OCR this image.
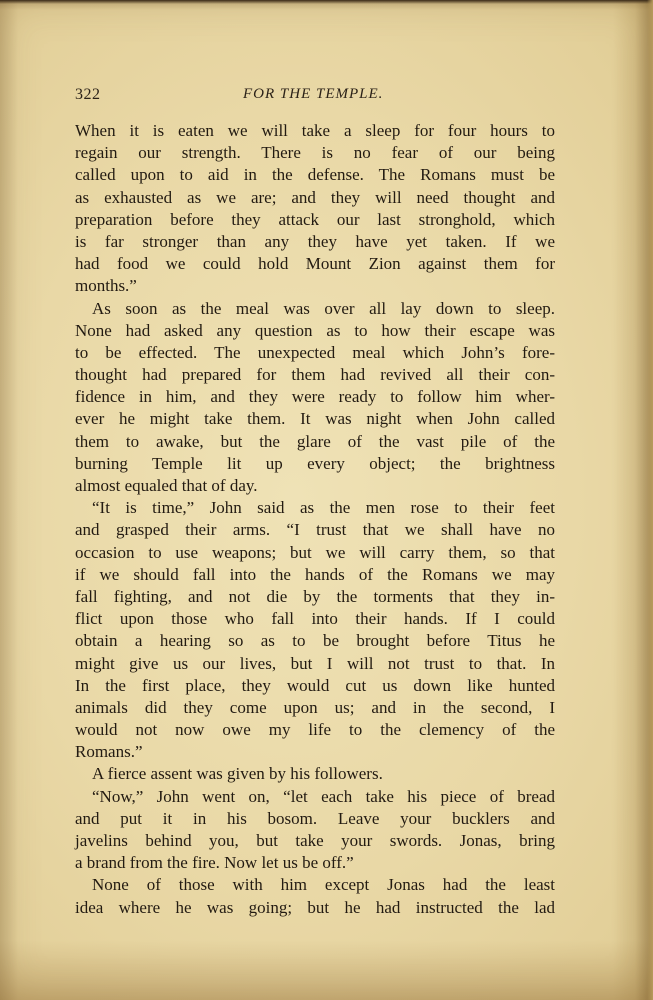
322	FOR THE TEMPLE.
When it is eaten we will take a sleep for four hours to
regain our strength. There is no fear of our being
called upon to aid in the defense. The Romans must be
as exhausted as we are; and they will need thought and
preparation before they attack our last stronghold, which
is far stronger than any they have yet taken. If we
had food we could hold Mount Zion against them for
months.”
As soon as the meal was over all lay down to sleep.
None had asked any question as to how their escape was
to be effected. The unexpected meal which John’s fore-
thought had prepared for them had revived all their con-
fidence in him, and they were ready to follow him wher-
ever he might take them. It was night when John called
them to awake, but the glare of the vast pile of the
burning Temple lit up every object; the brightness
almost equaled that of day.
“It is time,” John said as the men rose to their feet
and grasped their arms. “I trust that we shall have no
occasion to use weapons; but we will carry them, so that
if we should fall into the hands of the Romans we may
fall fighting, and not die by the torments that they in-
flict upon those who fall into their hands. If I could
obtain a hearing so as to be brought before Titus he
might give us our lives, but I will not trust to that. In
In the first place, they would cut us down like hunted
animals did they come upon us; and in the second, I
would not now owe my life to the clemency of the
Romans.”
A fierce assent was given by his followers.
“Now,” John went on, “let each take his piece of bread
and put it in his bosom. Leave your bucklers and
javelins behind you, but take your swords. Jonas, bring
a brand from the fire. Now let us be off.”
None of those with him except Jonas had the least
idea where he was going; but he had instructed the lad
